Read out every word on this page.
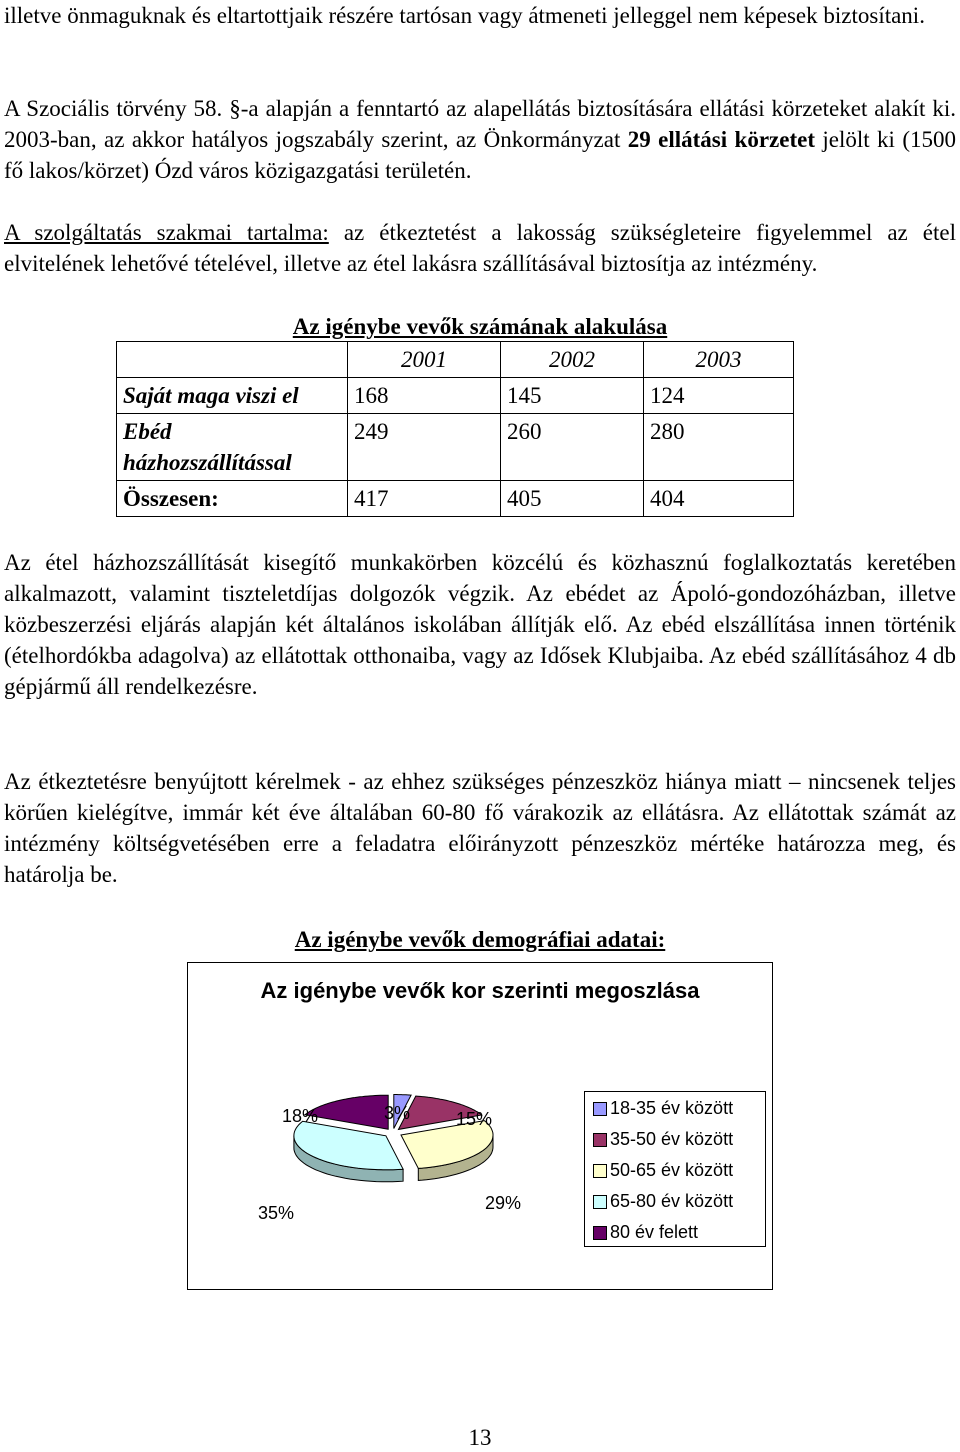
illetve önmaguknak és eltartottjaik részére tartósan vagy átmeneti jelleggel nem képesek biztosítani.

A Szociális törvény 58. §-a alapján a fenntartó az alapellátás biztosítására ellátási körzeteket alakít ki. 2003-ban, az akkor hatályos jogszabály szerint, az Önkormányzat 29 ellátási körzetet jelölt ki (1500 fő lakos/körzet) Ózd város közigazgatási területén.

A szolgáltatás szakmai tartalma: az étkeztetést a lakosság szükségleteire figyelemmel az étel elvitelének lehetővé tételével, illetve az étel lakásra szállításával biztosítja az intézmény.

Az igénybe vevők számának alakulása
	2001	2002	2003
Saját maga viszi el	168	145	124
Ebéd házhozszállítással	249	260	280
Összesen:	417	405	404

Az étel házhozszállítását kisegítő munkakörben közcélú és közhasznú foglalkoztatás keretében alkalmazott, valamint tiszteletdíjas dolgozók végzik. Az ebédet az Ápoló-gondozóházban, illetve közbeszerzési eljárás alapján két általános iskolában állítják elő. Az ebéd elszállítása innen történik (ételhordókba adagolva) az ellátottak otthonaiba, vagy az Idősek Klubjaiba. Az ebéd szállításához 4 db gépjármű áll rendelkezésre.

Az étkeztetésre benyújtott kérelmek - az ehhez szükséges pénzeszköz hiánya miatt – nincsenek teljes körűen kielégítve, immár két éve általában 60-80 fő várakozik az ellátásra. Az ellátottak számát az intézmény költségvetésében erre a feladatra előirányzott pénzeszköz mértéke határozza meg, és határolja be.

Az igénybe vevők demográfiai adatai:
Az igénybe vevők kor szerinti megoszlása
18%	3%	15%
29%
35%
18-35 év között
35-50 év között
50-65 év között
65-80 év között
80 év felett
13
